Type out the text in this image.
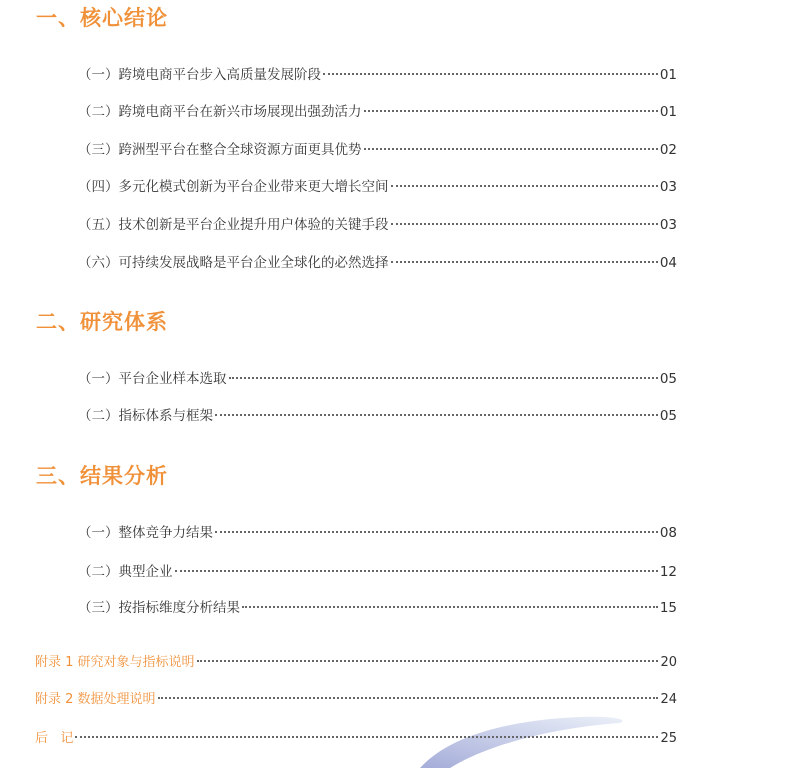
一、核心结论
（一）跨境电商平台步入高质量发展阶段	01
（二）跨境电商平台在新兴市场展现出强劲活力	01
（三）跨洲型平台在整合全球资源方面更具优势	02
（四）多元化模式创新为平台企业带来更大增长空间	03
（五）技术创新是平台企业提升用户体验的关键手段	03
（六）可持续发展战略是平台企业全球化的必然选择	04
二、研究体系
（一）平台企业样本选取	05
（二）指标体系与框架	05
三、结果分析
（一）整体竞争力结果	08
（二）典型企业	12
（三）按指标维度分析结果	15
附录 1 研究对象与指标说明	20
附录 2 数据处理说明	24
后   记	25
